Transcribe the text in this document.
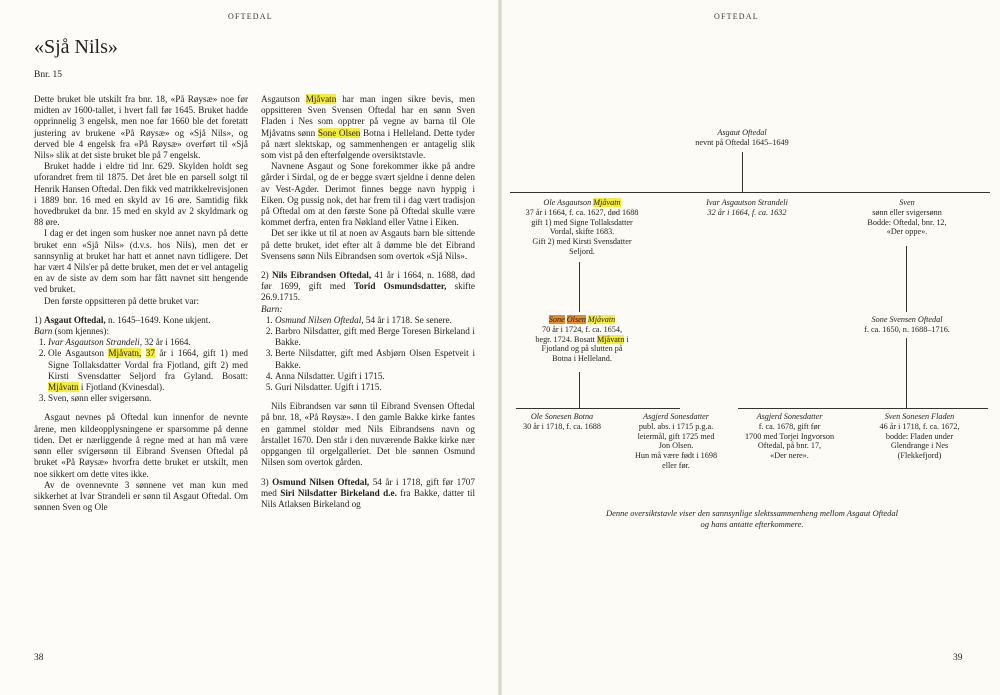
OFTEDAL
«Sjå Nils»
Bnr. 15

Dette bruket ble utskilt fra bnr. 18, «På Røysæ» noe før midten av 1600-tallet, i hvert fall før 1645. Bruket hadde opprinnelig 3 engelsk, men noe før 1660 ble det foretatt justering av brukene «På Røysæ» og «Sjå Nils», og derved ble 4 engelsk fra «På Røysæ» overført til «Sjå Nils» slik at det siste bruket ble på 7 engelsk.

Bruket hadde i eldre tid lnr. 629. Skylden holdt seg uforandret frem til 1875. Det året ble en parsell solgt til Henrik Hansen Oftedal. Den fikk ved matrikkelrevisjonen i 1889 bnr. 16 med en skyld av 16 øre. Samtidig fikk hovedbruket da bnr. 15 med en skyld av 2 skyldmark og 88 øre.

I dag er det ingen som husker noe annet navn på dette bruket enn «Sjå Nils» (d.v.s. hos Nils), men det er sannsynlig at bruket har hatt et annet navn tidligere. Det har vært 4 Nils'er på dette bruket, men det er vel antagelig en av de siste av dem som har fått navnet sitt hengende ved bruket.

Den første oppsitteren på dette bruket var:

1) Asgaut Oftedal, n. 1645–1649. Kone ukjent.

Barn (som kjennes):

1. Ivar Asgautson Strandeli, 32 år i 1664.
2. Ole Asgautson Mjåvatn, 37 år i 1664, gift 1) med Signe Tollaksdatter Vordal fra Fjotland, gift 2) med Kirsti Svensdatter Seljord fra Gyland. Bosatt: Mjåvatn i Fjotland (Kvinesdal).
3. Sven, sønn eller svigersønn.

Asgaut nevnes på Oftedal kun innenfor de nevnte årene, men kildeopplysningene er sparsomme på denne tiden. Det er nærliggende å regne med at han må være sønn eller svigersønn til Eibrand Svensen Oftedal på bruket «På Røysæ» hvorfra dette bruket er utskilt, men noe sikkert om dette vites ikke.

Av de ovennevnte 3 sønnene vet man kun med sikkerhet at Ivar Strandeli er sønn til Asgaut Oftedal. Om sønnen Sven og Ole

Asgautson Mjåvatn har man ingen sikre bevis, men oppsitteren Sven Svensen Oftedal har en sønn Sven Fladen i Nes som opptrer på vegne av barna til Ole Mjåvatns sønn Sone Olsen Botna i Helleland. Dette tyder på nært slektskap, og sammenhengen er antagelig slik som vist på den efterfølgende oversiktstavle.

Navnene Asgaut og Sone forekommer ikke på andre gårder i Sirdal, og de er begge svært sjeldne i denne delen av Vest-Agder. Derimot finnes begge navn hyppig i Eiken. Og pussig nok, det har frem til i dag vært tradisjon på Oftedal om at den første Sone på Oftedal skulle være kommet derfra, enten fra Nøkland eller Vatne i Eiken.

Det ser ikke ut til at noen av Asgauts barn ble sittende på dette bruket, idet efter alt å dømme ble det Eibrand Svensens sønn Nils Eibrandsen som overtok «Sjå Nils».

2) Nils Eibrandsen Oftedal, 41 år i 1664, n. 1688, død før 1699, gift med Torid Osmundsdatter, skifte 26.9.1715.

Barn:

1. Osmund Nilsen Oftedal, 54 år i 1718. Se senere.
2. Barbro Nilsdatter, gift med Berge Toresen Birkeland i Bakke.
3. Berte Nilsdatter, gift med Asbjørn Olsen Espetveit i Bakke.
4. Anna Nilsdatter. Ugift i 1715.
5. Guri Nilsdatter. Ugift i 1715.

Nils Eibrandsen var sønn til Eibrand Svensen Oftedal på bnr. 18, «På Røysæ». I den gamle Bakke kirke fantes en gammel stoldør med Nils Eibrandsens navn og årstallet 1670. Den står i den nuværende Bakke kirke nær oppgangen til orgelgalleriet. Det ble sønnen Osmund Nilsen som overtok gården.

3) Osmund Nilsen Oftedal, 54 år i 1718, gift før 1707 med Siri Nilsdatter Birkeland d.e. fra Bakke, datter til Nils Atlaksen Birkeland og

38
OFTEDAL
Asgaut Oftedal
nevnt på Oftedal 1645–1649
Ole Asgautson Mjåvatn
37 år i 1664, f. ca. 1627, død 1688
gift 1) med Signe Tollaksdatter
Vordal, skifte 1683.
Gift 2) med Kirsti Svensdatter
Seljord.
Ivar Asgautson Strandeli
32 år i 1664, f. ca. 1632
Sven
sønn eller svigersønn
Bodde: Oftedal, bnr. 12,
«Der oppe».
Sone Olsen Mjåvatn
70 år i 1724, f. ca. 1654,
begr. 1724. Bosatt Mjåvatn i
Fjotland og på slutten på
Botna i Helleland.
Sone Svensen Oftedal
f. ca. 1650, n. 1688–1716.
Ole Sonesen Botna
30 år i 1718, f. ca. 1688
Asgjerd Sonesdatter
publ. abs. i 1715 p.g.a.
leiermål, gift 1725 med
Jon Olsen.
Hun må være født i 1698
eller før.
Asgjerd Sonesdatter
f. ca. 1678, gift før
1700 med Torjei Ingvorson
Oftedal, på bnr. 17,
«Der nere».
Sven Sonesen Fladen
46 år i 1718, f. ca. 1672,
bodde: Fladen under
Glendrange i Nes
(Flekkefjord)
Denne oversiktstavle viser den sannsynlige slektssammenheng mellom Asgaut Oftedal
og hans antatte efterkommere.
39
